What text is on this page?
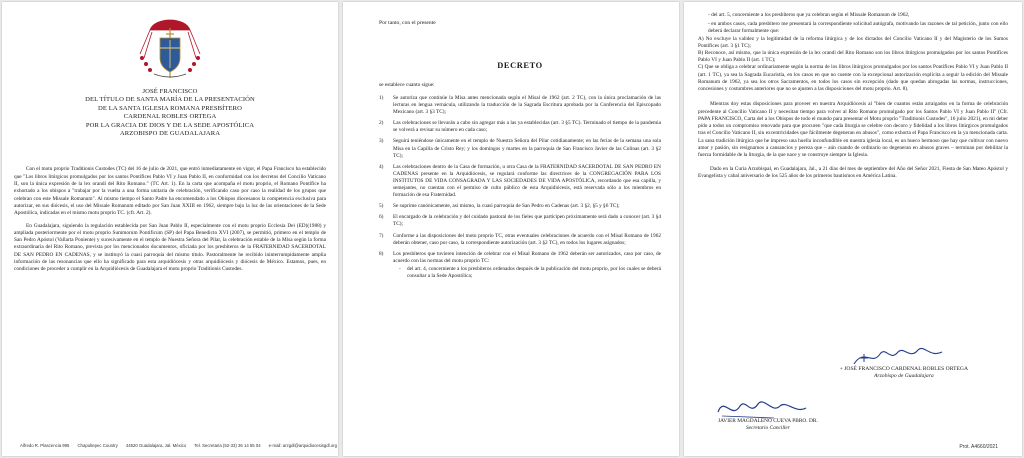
JOSÉ FRANCISCO
DEL TÍTULO DE SANTA MARÍA DE LA PRESENTACIÓN
DE LA SANTA IGLESIA ROMANA PRESBÍTERO
CARDENAL ROBLES ORTEGA
POR LA GRACIA DE DIOS Y DE LA SEDE APOSTÓLICA
ARZOBISPO DE GUADALAJARA

Con el motu proprio Traditionis Custodes (TC) del 16 de julio de 2021, que entró inmediatamente en vigor, el Papa Francisco ha establecido que "Los libros litúrgicos promulgados por los santos Pontífices Pablo VI y Juan Pablo II, en conformidad con los decretos del Concilio Vaticano II, son la única expresión de la lex orandi del Rito Romano." (TC Art. 1). En la carta que acompaña el motu proprio, el Romano Pontífice ha exhortado a los obispos a "trabajar por la vuelta a una forma unitaria de celebración, verificando caso por caso la realidad de los grupos que celebran con este Missale Romanum". Al mismo tiempo el Santo Padre ha encomendado a los Obispos diocesanos la competencia exclusiva para autorizar, en sus diócesis, el uso del Missale Romanum editado por San Juan XXIII en 1962, siempre bajo la luz de las orientaciones de la Sede Apostólica, indicadas en el mismo motu proprio TC. (cfr. Art. 2).

En Guadalajara, siguiendo la regulación establecida por San Juan Pablo II, especialmente con el motu proprio Ecclesia Dei (ED)(1988) y ampliada posteriormente por el motu proprio Summorum Pontificum (SP) del Papa Benedicto XVI (2007), se permitió, primero en el templo de San Pedro Apóstol (Vallarta Poniente) y sucesivamente en el templo de Nuestra Señora del Pilar, la celebración estable de la Misa según la forma extraordinaria del Rito Romano, prevista por los mencionados documentos, oficiada por los presbíteros de la FRATERNIDAD SACERDOTAL DE SAN PEDRO EN CADENAS, y se instituyó la cuasi parroquia del mismo título. Pastoralmente he recibido ininterrumpidamente amplia información de las resonancias que ello ha significado para esta arquidiócesis y otras arquidiócesis y diócesis de México. Estamos, pues, en condiciones de proceder a cumplir en la Arquidiócesis de Guadalajara el motu proprio Traditionis Custodes.

Alfredo R. Plascencia 995 Chapultepec Country 44620 Guadalajara, Jal. México Tel. Secretaria (52-33) 36 14 55 04 e-mail: arzgdl@arquidiocesisgdl.org
Por tanto, con el presente
DECRETO
se establece cuanto sigue:
1)	Se autoriza que continúe la Misa antes mencionada según el Misal de 1962 (art. 2 TC), con la única proclamación de las lecturas en lengua vernácula, utilizando la traducción de la Sagrada Escritura aprobada por la Conferencia del Episcopado Mexicano (art. 3 §3 TC);
2)	Las celebraciones se llevarán a cabo sin agregar más a las ya establecidas (art. 3 §5 TC). Terminado el tiempo de la pandemia se volverá a revisar su número en cada caso;
3)	Seguirá teniéndose únicamente en el templo de Nuestra Señora del Pilar cotidianamente; en las ferias de la semana una sola Misa en la Capilla de Cristo Rey; y los domingos y martes en la parroquia de San Francisco Javier de las Colinas (art. 3 §2 TC);
4)	Las celebraciones dentro de la Casa de formación, u otra Casa de la FRATERNIDAD SACERDOTAL DE SAN PEDRO EN CADENAS presente en la Arquidiócesis, se regulará conforme las directrices de la CONGREGACIÓN PARA LOS INSTITUTOS DE VIDA CONSAGRADA Y LAS SOCIEDADES DE VIDA APOSTÓLICA, recordando que esa capilla, y semejantes, no cuentan con el permiso de culto público de esta Arquidiócesis, está reservada sólo a los miembros en formación de esa Fraternidad.
5)	Se suprime canónicamente, así mismo, la cuasi parroquia de San Pedro en Cadenas (art. 3 §2, §5 y §6 TC);
6)	El encargado de la celebración y del cuidado pastoral de los fieles que participen próximamente será dado a conocer (art. 3 §4 TC);
7)	Conforme a las disposiciones del motu proprio TC, otras eventuales celebraciones de acuerdo con el Misal Romano de 1962 deberán obtener, caso por caso, la correspondiente autorización (art. 3 §2 TC), en todos los lugares asignados;
8)	Los presbíteros que tuvieren intención de celebrar con el Misal Romano de 1962 deberán ser autorizados, caso por caso, de acuerdo con las normas del motu proprio TC:
-	del art. 4, concerniente a los presbíteros ordenados después de la publicación del motu proprio, por los cuales se deberá consultar a la Sede Apostólica;
- del art. 5, concerniente a los presbíteros que ya celebran según el Missale Romanum de 1962,
- en ambos casos, cada presbítero me presentará la correspondiente solicitud autógrafa, motivando las razones de tal petición, junto con ello deberá declarar formalmente que:
A) No excluye la validez y la legitimidad de la reforma litúrgica y de los dictados del Concilio Vaticano II y del Magisterio de los Sumos Pontífices (art. 3 §1 TC);
B) Reconoce, así mismo, que la única expresión de la lex orandi del Rito Romano son los libros litúrgicos promulgados por los santos Pontífices Pablo VI y Juan Pablo II (art. 1 TC);
C) Que se obliga a celebrar ordinariamente según la norma de los libros litúrgicos promulgados por los santos Pontífices Pablo VI y Juan Pablo II (art. 1 TC), ya sea la Sagrada Eucaristía, en los casos en que no cuente con la excepcional autorización explícita a seguir la edición del Missale Romanum de 1962, ya sea los otros Sacramentos, en todos los casos sin excepción (dado que quedan abrogadas las normas, instrucciones, concesiones y costumbres anteriores que no se ajusten a las disposiciones del motu proprio. Art. 8).

Mientras doy estas disposiciones para proveer en nuestra Arquidiócesis al "bien de cuantos están arraigados en la forma de celebración precedente al Concilio Vaticano II y necesitan tiempo para volver al Rito Romano promulgado por los Santos Pablo VI y Juan Pablo II" (Cfr. PAPA FRANCISCO, Carta del a los Obispos de todo el mundo para presentar el Motu proprio "Traditionis Custodes", 16 julio 2021), en mi deber pido a todos un compromiso renovado para que procuren "que cada liturgia se celebre con decoro y fidelidad a los libros litúrgicos promulgados tras el Concilio Vaticano II, sin excentricidades que fácilmente degeneran en abusos", como exhorta el Papa Francisco en la ya mencionada carta. La sana tradición litúrgica que he impreso una huella inconfundible en nuestra iglesia local, es un hueco hermoso que hay que cultivar con nuevo amor y pasión, sin resignarnos a cansancios y pereza que – aún cuando de ordinario no degeneran en abusos graves – terminan por debilitar la fuerza formidable de la liturgia, de la que nace y se construye siempre la Iglesia.

Dado en la Curia Arzobispal, en Guadalajara, Jal., a 21 días del mes de septiembre del Año del Señor 2021, Fiesta de San Mateo Apóstol y Evangelista y cabal aniversario de los 525 años de los primeros bautismos en América Latina.

+ JOSÉ FRANCISCO CARDENAL ROBLES ORTEGA
Arzobispo de Guadalajara
JAVIER MAGDALENO CUEVA PBRO. DR.
Secretario Canciller
Prot. A4660/2021
